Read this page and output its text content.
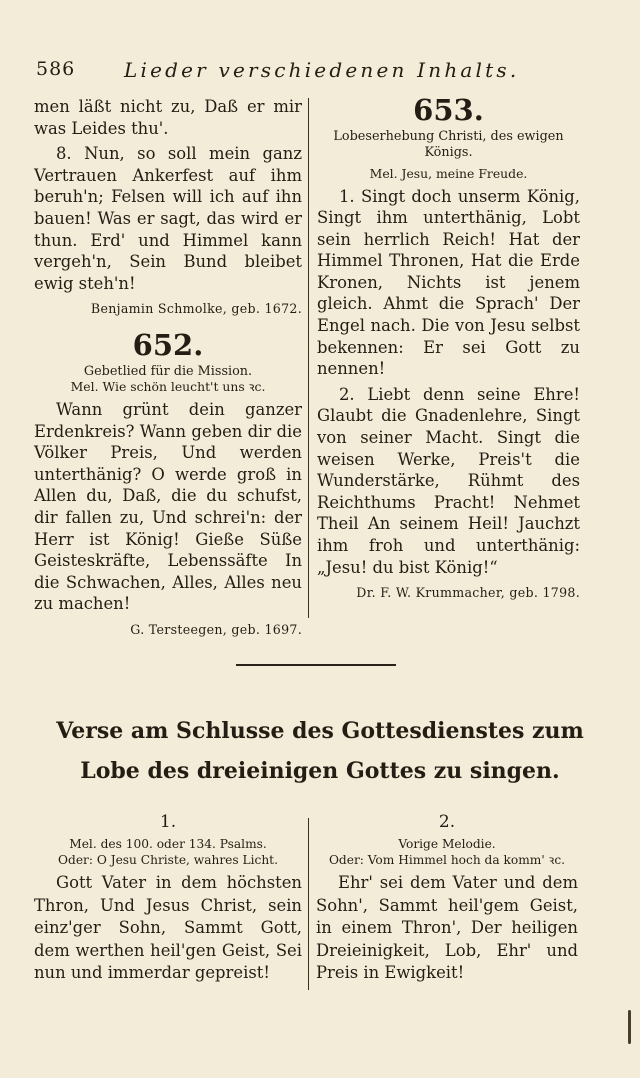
586 Lieder verschiedenen Inhalts.

men läßt nicht zu, Daß er mir was Leides thu'.

8. Nun, so soll mein ganz Vertrauen Ankerfest auf ihm beruh'n; Felsen will ich auf ihn bauen! Was er sagt, das wird er thun. Erd' und Himmel kann vergeh'n, Sein Bund bleibet ewig steh'n!

Benjamin Schmolke, geb. 1672.
652.
Gebetlied für die Mission.
Mel. Wie schön leucht't uns ꝛc.

Wann grünt dein ganzer Erdenkreis? Wann geben dir die Völker Preis, Und werden unterthänig? O werde groß in Allen du, Daß, die du schufst, dir fallen zu, Und schrei'n: der Herr ist König! Gieße Süße Geisteskräfte, Lebenssäfte In die Schwachen, Alles, Alles neu zu machen!

G. Tersteegen, geb. 1697.
653.
Lobeserhebung Christi, des ewigen Königs.
Mel. Jesu, meine Freude.

1. Singt doch unserm König, Singt ihm unterthänig, Lobt sein herrlich Reich! Hat der Himmel Thronen, Hat die Erde Kronen, Nichts ist jenem gleich. Ahmt die Sprach' Der Engel nach. Die von Jesu selbst bekennen: Er sei Gott zu nennen!

2. Liebt denn seine Ehre! Glaubt die Gnadenlehre, Singt von seiner Macht. Singt die weisen Werke, Preis't die Wunderstärke, Rühmt des Reichthums Pracht! Nehmet Theil An seinem Heil! Jauchzt ihm froh und unterthänig: „Jesu! du bist König!“

Dr. F. W. Krummacher, geb. 1798.
Verse am Schlusse des Gottesdienstes zum Lobe des dreieinigen Gottes zu singen.
1.
Mel. des 100. oder 134. Psalms.
Oder: O Jesu Christe, wahres Licht.

Gott Vater in dem höchsten Thron, Und Jesus Christ, sein einz'ger Sohn, Sammt Gott, dem werthen heil'gen Geist, Sei nun und immerdar gepreist!

2.
Vorige Melodie.
Oder: Vom Himmel hoch da komm' ꝛc.

Ehr' sei dem Vater und dem Sohn', Sammt heil'gem Geist, in einem Thron', Der heiligen Dreieinigkeit, Lob, Ehr' und Preis in Ewigkeit!
